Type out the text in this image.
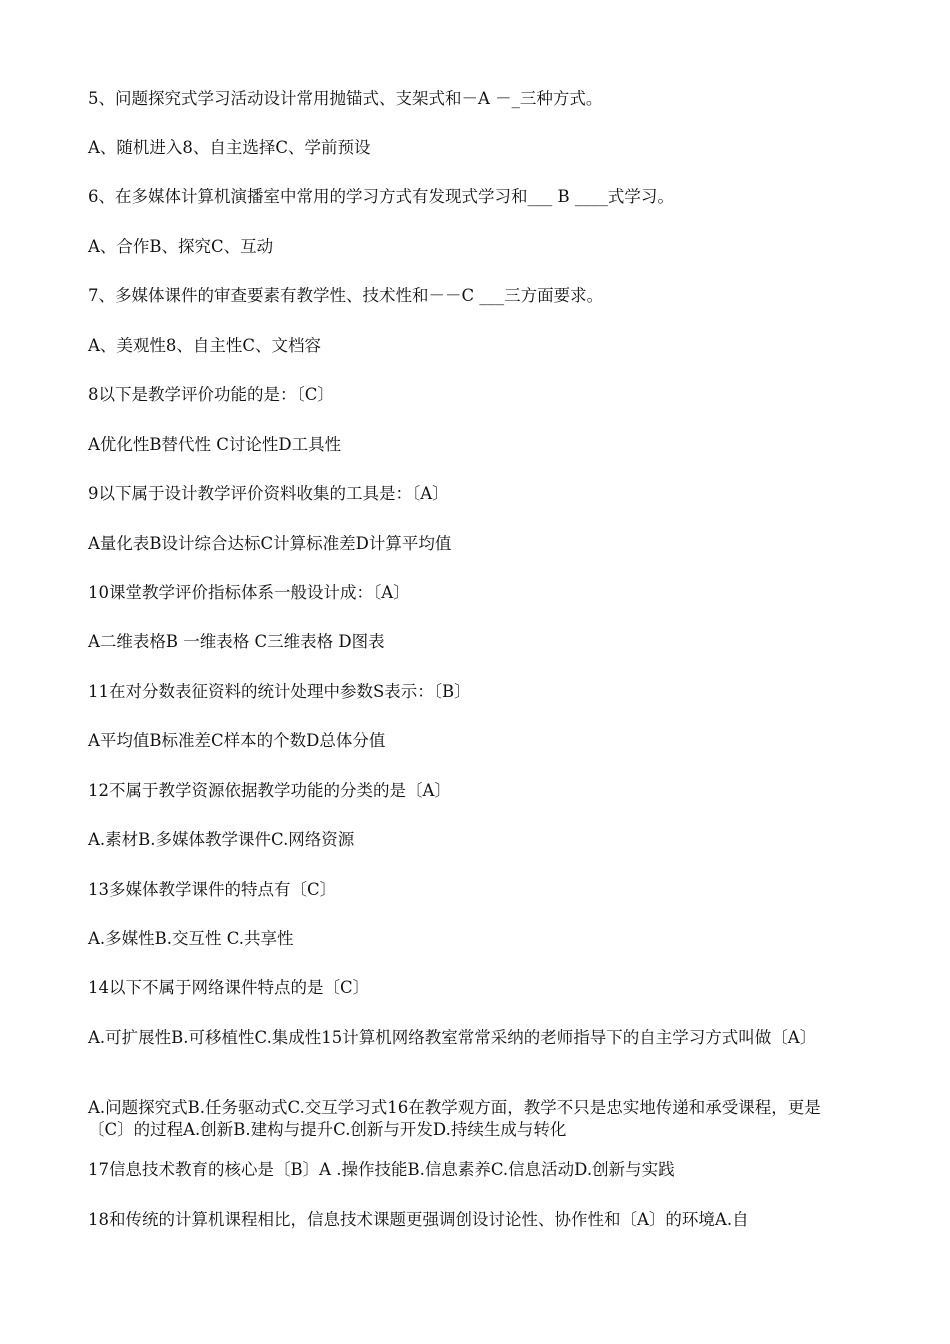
5、问题探究式学习活动设计常用抛锚式、支架式和－A －_三种方式。
A、随机进入8、自主选择C、学前预设
6、在多媒体计算机演播室中常用的学习方式有发现式学习和___ B ____式学习。
A、合作B、探究C、互动
7、多媒体课件的审查要素有教学性、技术性和－－C ___三方面要求。
A、美观性8、自主性C、文档容
8以下是教学评价功能的是：〔C〕
A优化性B替代性 C讨论性D工具性
9以下属于设计教学评价资料收集的工具是：〔A〕
A量化表B设计综合达标C计算标准差D计算平均值
10课堂教学评价指标体系一般设计成：〔A〕
A二维表格B 一维表格 C三维表格 D图表
11在对分数表征资料的统计处理中参数S表示：〔B〕
A平均值B标准差C样本的个数D总体分值
12不属于教学资源依据教学功能的分类的是〔A〕
A.素材B.多媒体教学课件C.网络资源
13多媒体教学课件的特点有〔C〕
A.多媒性B.交互性 C.共享性
14以下不属于网络课件特点的是〔C〕
A.可扩展性B.可移植性C.集成性15计算机网络教室常常采纳的老师指导下的自主学习方式叫做〔A〕
A.问题探究式B.任务驱动式C.交互学习式16在教学观方面，教学不只是忠实地传递和承受课程，更是〔C〕的过程A.创新B.建构与提升C.创新与开发D.持续生成与转化
17信息技术教育的核心是〔B〕A .操作技能B.信息素养C.信息活动D.创新与实践
18和传统的计算机课程相比，信息技术课题更强调创设讨论性、协作性和〔A〕的环境A.自
